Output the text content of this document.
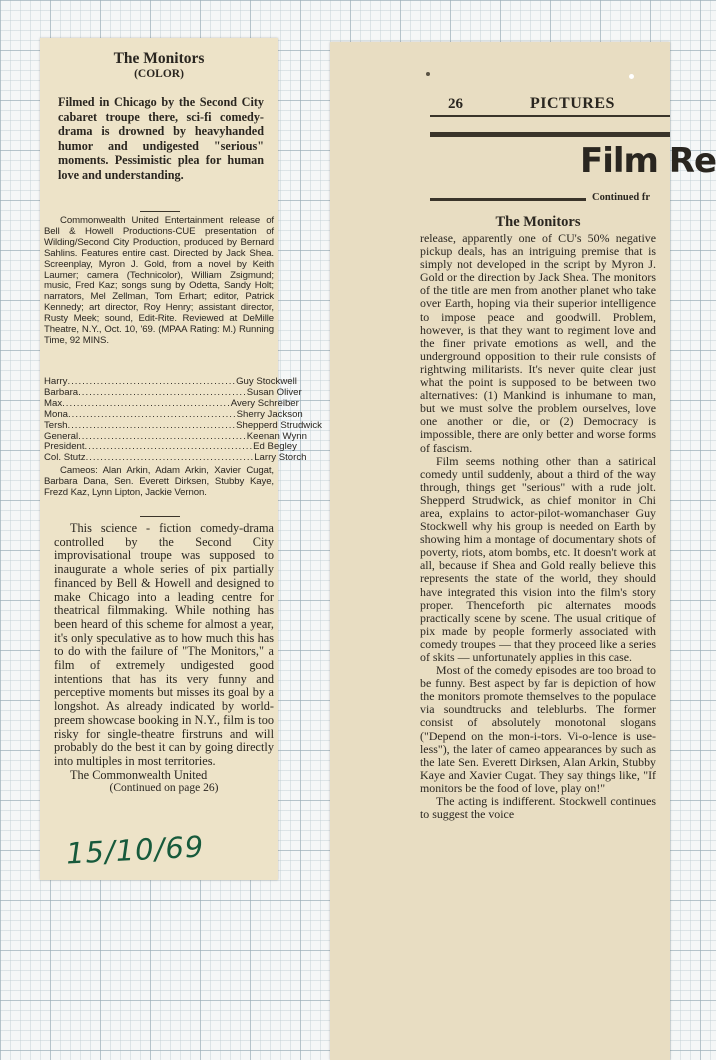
The Monitors
(COLOR)
Filmed in Chicago by the Second City cabaret troupe there, sci-fi comedy-drama is drowned by heavyhanded humor and undigested "serious" moments. Pessimistic plea for human love and understanding.

Commonwealth United Entertainment release of Bell & Howell Productions-CUE presentation of Wilding/Second City Production, produced by Bernard Sahlins. Features entire cast. Directed by Jack Shea. Screenplay, Myron J. Gold, from a novel by Keith Laumer; camera (Technicolor), William Zsigmund; music, Fred Kaz; songs sung by Odetta, Sandy Holt; narrators, Mel Zellman, Tom Erhart; editor, Patrick Kennedy; art director, Roy Henry; assistant director, Rusty Meek; sound, Edit-Rite. Reviewed at DeMille Theatre, N.Y., Oct. 10, '69. (MPAA Rating: M.) Running Time, 92 MINS.

Harry .............................................. Guy Stockwell
Barbara .............................................. Susan Oliver
Max .............................................. Avery Schreiber
Mona .............................................. Sherry Jackson
Tersh .............................................. Shepperd Strudwick
General .............................................. Keenan Wynn
President .............................................. Ed Begley
Col. Stutz .............................................. Larry Storch

Cameos: Alan Arkin, Adam Arkin, Xavier Cugat, Barbara Dana, Sen. Everett Dirksen, Stubby Kaye, Frezd Kaz, Lynn Lipton, Jackie Vernon.

This science - fiction comedy-drama controlled by the Second City improvisational troupe was supposed to inaugurate a whole series of pix partially financed by Bell & Howell and designed to make Chicago into a leading centre for theatrical filmmaking. While nothing has been heard of this scheme for almost a year, it's only speculative as to how much this has to do with the failure of "The Monitors," a film of extremely undigested good intentions that has its very funny and perceptive moments but misses its goal by a longshot. As already indicated by world-preem showcase booking in N.Y., film is too risky for single-theatre firstruns and will probably do the best it can by going directly into multiples in most territories.

The Commonwealth United

(Continued on page 26)

15/10/69
26	PICTURES
Film Re
Continued fr
The Monitors

release, apparently one of CU's 50% negative pickup deals, has an intriguing premise that is simply not developed in the script by Myron J. Gold or the direction by Jack Shea. The monitors of the title are men from another planet who take over Earth, hoping via their superior intelligence to impose peace and goodwill. Problem, however, is that they want to regiment love and the finer private emotions as well, and the underground opposition to their rule consists of rightwing militarists. It's never quite clear just what the point is supposed to be between two alternatives: (1) Mankind is inhumane to man, but we must solve the problem ourselves, love one another or die, or (2) Democracy is impossible, there are only better and worse forms of fascism.

Film seems nothing other than a satirical comedy until suddenly, about a third of the way through, things get "serious" with a rude jolt. Shepperd Strudwick, as chief monitor in Chi area, explains to actor-pilot-womanchaser Guy Stockwell why his group is needed on Earth by showing him a montage of documentary shots of poverty, riots, atom bombs, etc. It doesn't work at all, because if Shea and Gold really believe this represents the state of the world, they should have integrated this vision into the film's story proper. Thenceforth pic alternates moods practically scene by scene. The usual critique of pix made by people formerly associated with comedy troupes — that they proceed like a series of skits — unfortunately applies in this case.

Most of the comedy episodes are too broad to be funny. Best aspect by far is depiction of how the monitors promote themselves to the populace via soundtrucks and teleblurbs. The former consist of absolutely monotonal slogans ("Depend on the mon-i-tors. Vi-o-lence is use-less"), the later of cameo appearances by such as the late Sen. Everett Dirksen, Alan Arkin, Stubby Kaye and Xavier Cugat. They say things like, "If monitors be the food of love, play on!"

The acting is indifferent. Stockwell continues to suggest the voice
